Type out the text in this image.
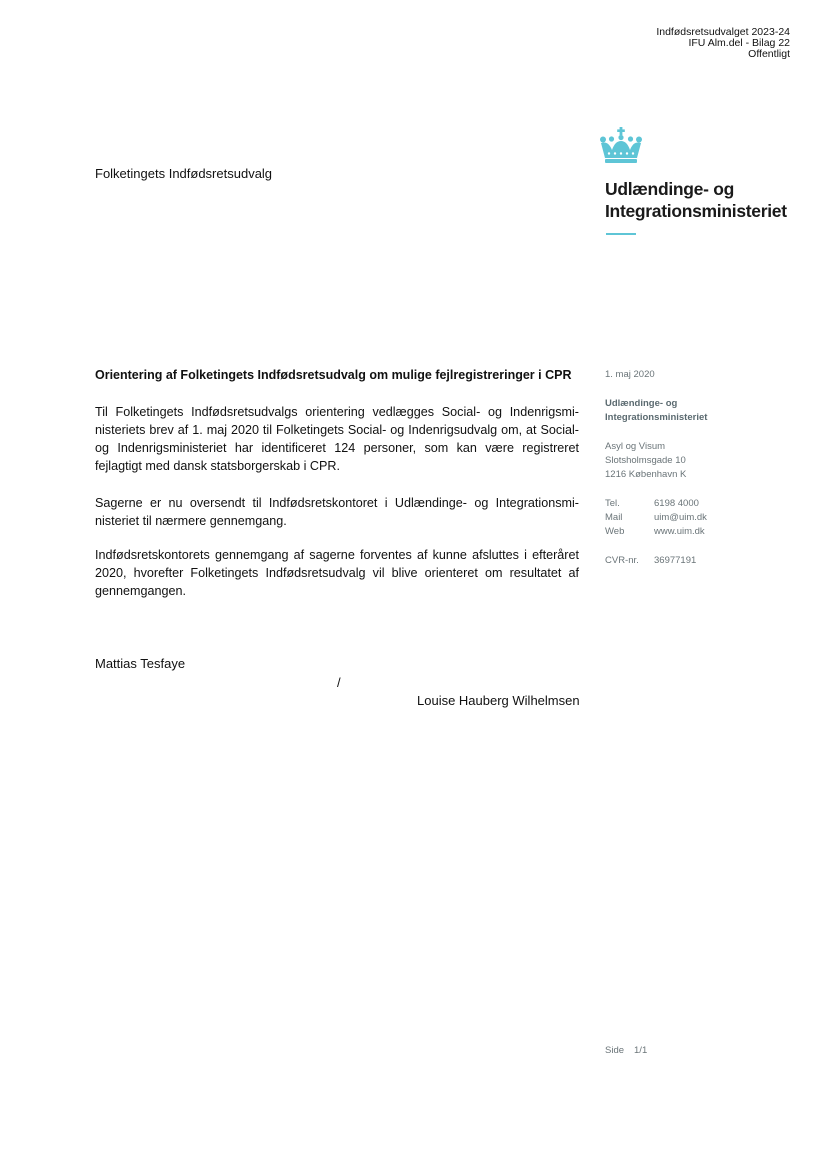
Indfødsretsudvalget 2023-24
IFU Alm.del - Bilag 22
Offentligt
Folketingets Indfødsretsudvalg
Udlændinge- og
Integrationsministeriet
Orientering af Folketingets Indfødsretsudvalg om mulige fejlregistreringer i CPR

Til Folketingets Indfødsretsudvalgs orientering vedlægges Social- og Indenrigsministeriets brev af 1. maj 2020 til Folketingets Social- og Indenrigsudvalg om, at Social- og Indenrigsministeriet har identificeret 124 personer, som kan være registreret fejlagtigt med dansk statsborgerskab i CPR.

Sagerne er nu oversendt til Indfødsretskontoret i Udlændinge- og Integrationsministeriet til nærmere gennemgang.

Indfødsretskontorets gennemgang af sagerne forventes af kunne afsluttes i efteråret 2020, hvorefter Folketingets Indfødsretsudvalg vil blive orienteret om resultatet af gennemgangen.

Mattias Tesfaye
/
Louise Hauberg Wilhelmsen
1. maj 2020
Udlændinge- og
Integrationsministeriet
Asyl og Visum
Slotsholmsgade 10
1216 København K
Tel.	6198 4000
Mail	uim@uim.dk
Web	www.uim.dk
CVR-nr.	36977191
Side 1/1
